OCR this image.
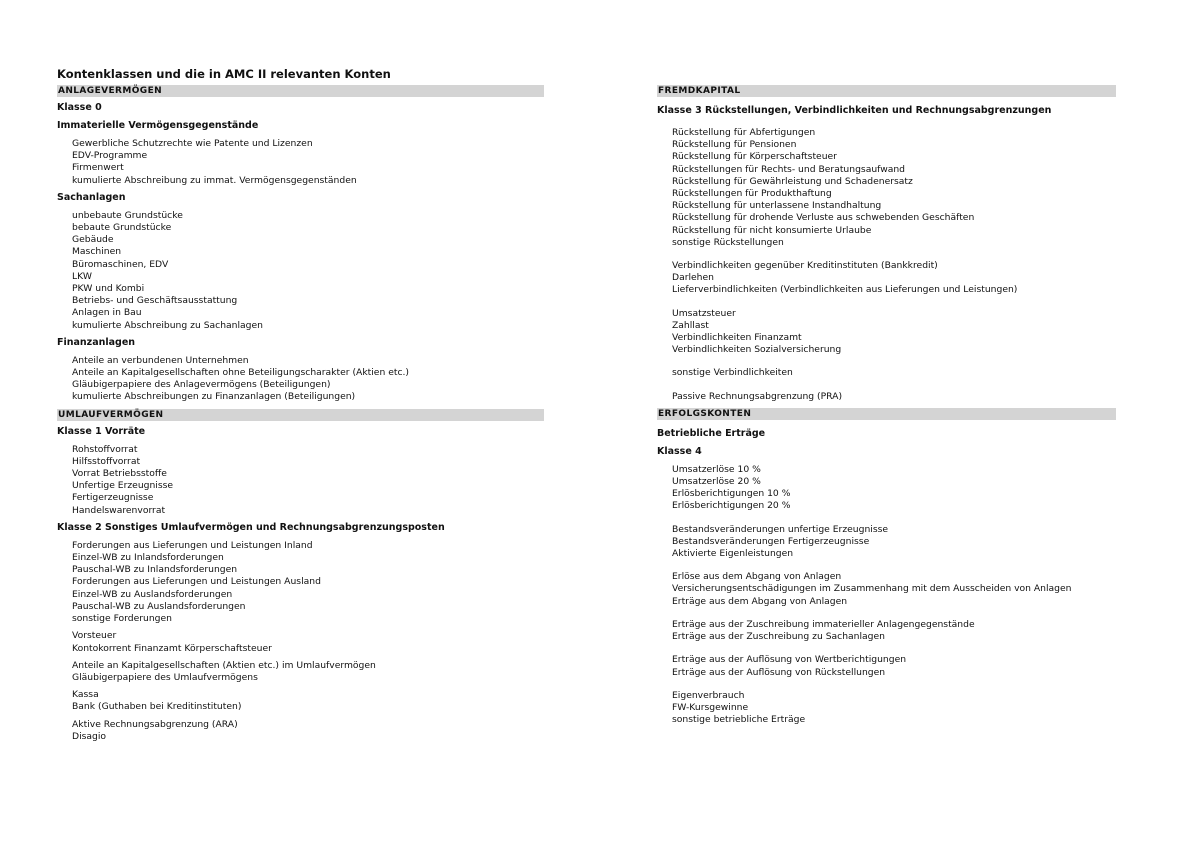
Kontenklassen und die in AMC II relevanten Konten
ANLAGEVERMÖGEN
Klasse 0
Immaterielle Vermögensgegenstände
Gewerbliche Schutzrechte wie Patente und Lizenzen
EDV-Programme
Firmenwert
kumulierte Abschreibung zu immat. Vermögensgegenständen
Sachanlagen
unbebaute Grundstücke
bebaute Grundstücke
Gebäude
Maschinen
Büromaschinen, EDV
LKW
PKW und Kombi
Betriebs- und Geschäftsausstattung
Anlagen in Bau
kumulierte Abschreibung zu Sachanlagen
Finanzanlagen
Anteile an verbundenen Unternehmen
Anteile an Kapitalgesellschaften ohne Beteiligungscharakter (Aktien etc.)
Gläubigerpapiere des Anlagevermögens (Beteiligungen)
kumulierte Abschreibungen zu Finanzanlagen (Beteiligungen)
UMLAUFVERMÖGEN
Klasse 1 Vorräte
Rohstoffvorrat
Hilfsstoffvorrat
Vorrat Betriebsstoffe
Unfertige Erzeugnisse
Fertigerzeugnisse
Handelswarenvorrat
Klasse 2 Sonstiges Umlaufvermögen und Rechnungsabgrenzungsposten
Forderungen aus Lieferungen und Leistungen Inland
Einzel-WB zu Inlandsforderungen
Pauschal-WB zu Inlandsforderungen
Forderungen aus Lieferungen und Leistungen Ausland
Einzel-WB zu Auslandsforderungen
Pauschal-WB zu Auslandsforderungen
sonstige Forderungen
Vorsteuer
Kontokorrent Finanzamt Körperschaftsteuer
Anteile an Kapitalgesellschaften (Aktien etc.) im Umlaufvermögen
Gläubigerpapiere des Umlaufvermögens
Kassa
Bank (Guthaben bei Kreditinstituten)
Aktive Rechnungsabgrenzung (ARA)
Disagio
FREMDKAPITAL
Klasse 3 Rückstellungen, Verbindlichkeiten und Rechnungsabgrenzungen
Rückstellung für Abfertigungen
Rückstellung für Pensionen
Rückstellung für Körperschaftsteuer
Rückstellungen für Rechts- und Beratungsaufwand
Rückstellung für Gewährleistung und Schadenersatz
Rückstellungen für Produkthaftung
Rückstellung für unterlassene Instandhaltung
Rückstellung für drohende Verluste aus schwebenden Geschäften
Rückstellung für nicht konsumierte Urlaube
sonstige Rückstellungen
Verbindlichkeiten gegenüber Kreditinstituten (Bankkredit)
Darlehen
Lieferverbindlichkeiten (Verbindlichkeiten aus Lieferungen und Leistungen)
Umsatzsteuer
Zahllast
Verbindlichkeiten Finanzamt
Verbindlichkeiten Sozialversicherung
sonstige Verbindlichkeiten
Passive Rechnungsabgrenzung (PRA)
ERFOLGSKONTEN
Betriebliche Erträge
Klasse 4
Umsatzerlöse 10 %
Umsatzerlöse 20 %
Erlösberichtigungen 10 %
Erlösberichtigungen 20 %
Bestandsveränderungen unfertige Erzeugnisse
Bestandsveränderungen Fertigerzeugnisse
Aktivierte Eigenleistungen
Erlöse aus dem Abgang von Anlagen
Versicherungsentschädigungen im Zusammenhang mit dem Ausscheiden von Anlagen
Erträge aus dem Abgang von Anlagen
Erträge aus der Zuschreibung immaterieller Anlagengegenstände
Erträge aus der Zuschreibung zu Sachanlagen
Erträge aus der Auflösung von Wertberichtigungen
Erträge aus der Auflösung von Rückstellungen
Eigenverbrauch
FW-Kursgewinne
sonstige betriebliche Erträge
